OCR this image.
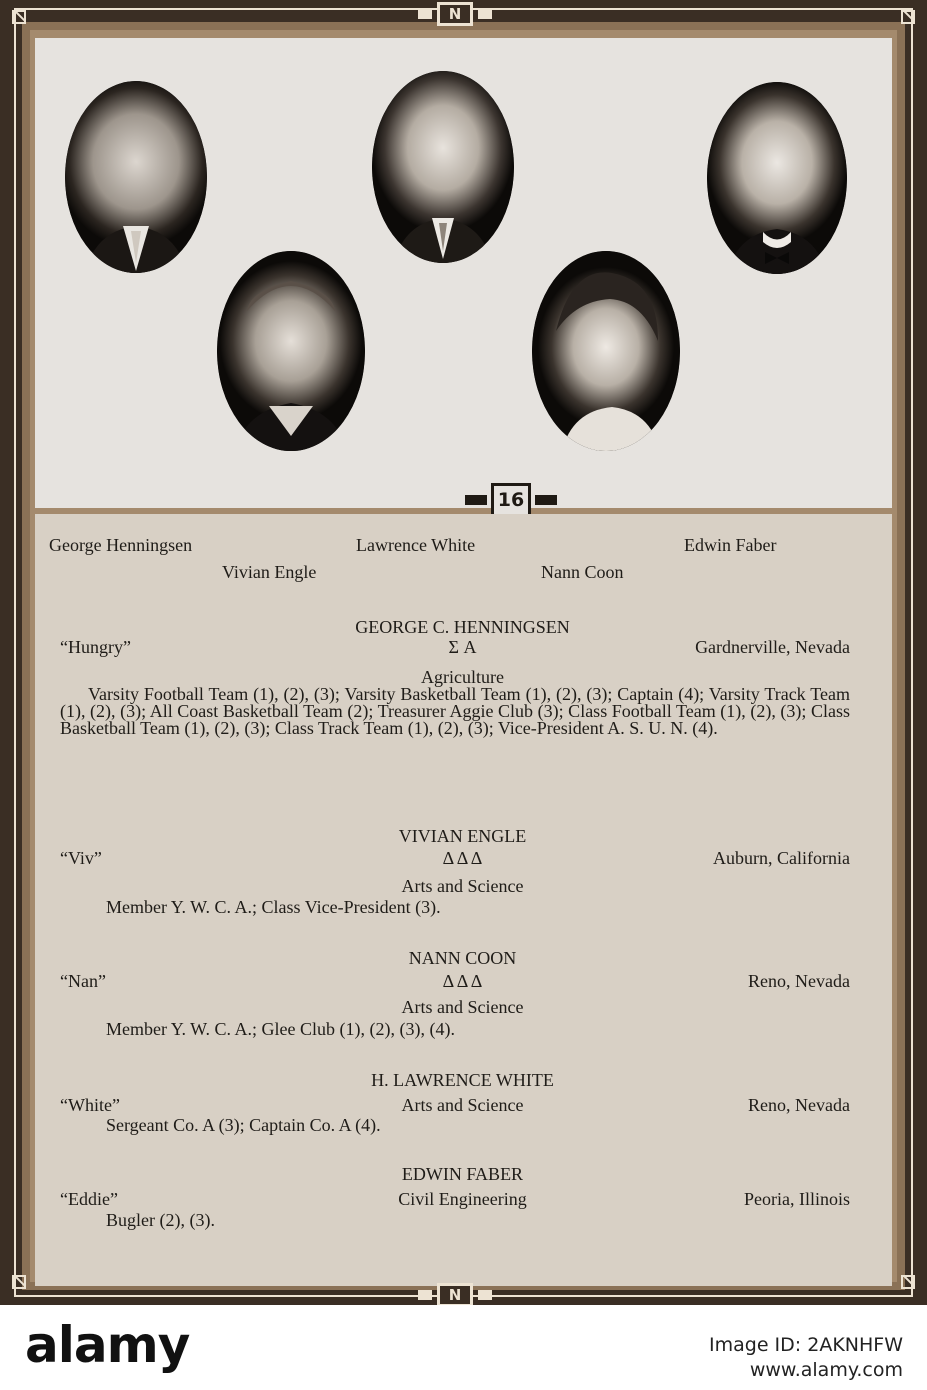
N
16
George Henningsen	Lawrence White	Edwin Faber
Vivian Engle	Nann Coon
GEORGE C. HENNINGSEN
“Hungry”	Σ A	Gardnerville, Nevada
Agriculture
Varsity Football Team (1), (2), (3); Varsity Basketball Team (1), (2), (3); Captain (4); Varsity Track Team (1), (2), (3); All Coast Basketball Team (2); Treasurer Aggie Club (3); Class Football Team (1), (2), (3); Class Basketball Team (1), (2), (3); Class Track Team (1), (2), (3); Vice-President A. S. U. N. (4).
VIVIAN ENGLE
“Viv”	Δ Δ Δ	Auburn, California
Arts and Science
Member Y. W. C. A.; Class Vice-President (3).
NANN COON
“Nan”	Δ Δ Δ	Reno, Nevada
Arts and Science
Member Y. W. C. A.; Glee Club (1), (2), (3), (4).
H. LAWRENCE WHITE
“White”	Arts and Science	Reno, Nevada
Sergeant Co. A (3); Captain Co. A (4).
EDWIN FABER
“Eddie”	Civil Engineering	Peoria, Illinois
Bugler (2), (3).
N
alamy	Image ID: 2AKNHFW
www.alamy.com
